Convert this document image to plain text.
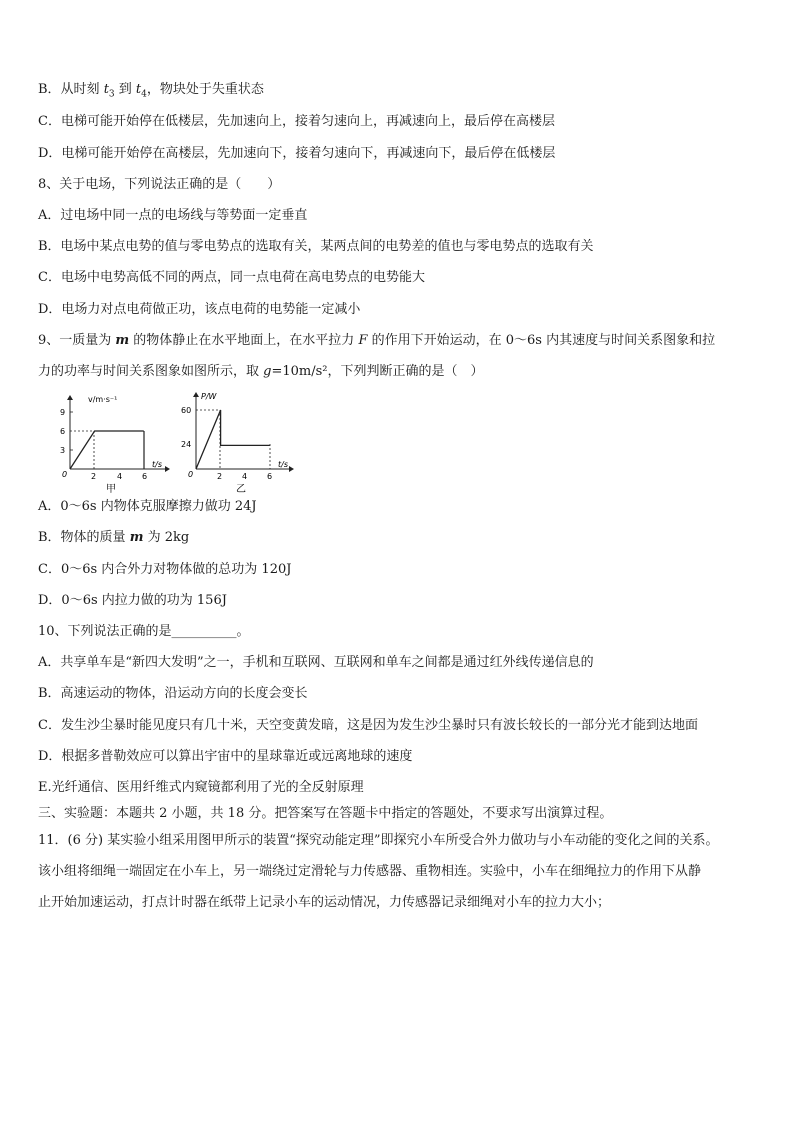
B．从时刻 $t_3$ 到 $t_4$，物块处于失重状态
C．电梯可能开始停在低楼层，先加速向上，接着匀速向上，再减速向上，最后停在高楼层
D．电梯可能开始停在高楼层，先加速向下，接着匀速向下，再减速向下，最后停在低楼层
8、关于电场，下列说法正确的是（　　）
A．过电场中同一点的电场线与等势面一定垂直
B．电场中某点电势的值与零电势点的选取有关，某两点间的电势差的值也与零电势点的选取有关
C．电场中电势高低不同的两点，同一点电荷在高电势点的电势能大
D．电场力对点电荷做正功，该点电荷的电势能一定减小
9、一质量为 m 的物体静止在水平地面上，在水平拉力 F 的作用下开始运动，在 0～6s 内其速度与时间关系图象和拉
力的功率与时间关系图象如图所示，取 g=10m/s²，下列判断正确的是（　）
v/m·s⁻¹
t/s
0
9
6
3
2	4 6
甲
P/W
t/s
0
60
24
2 4 6
乙
A．0～6s 内物体克服摩擦力做功 24J
B．物体的质量 m 为 2kg
C．0～6s 内合外力对物体做的总功为 120J
D．0～6s 内拉力做的功为 156J
10、下列说法正确的是__________。
A．共享单车是“新四大发明”之一，手机和互联网、互联网和单车之间都是通过红外线传递信息的
B．高速运动的物体，沿运动方向的长度会变长
C．发生沙尘暴时能见度只有几十米，天空变黄发暗，这是因为发生沙尘暴时只有波长较长的一部分光才能到达地面
D．根据多普勒效应可以算出宇宙中的星球靠近或远离地球的速度
E.光纤通信、医用纤维式内窥镜都利用了光的全反射原理
三、实验题：本题共 2 小题，共 18 分。把答案写在答题卡中指定的答题处，不要求写出演算过程。
11．(6 分) 某实验小组采用图甲所示的装置“探究动能定理”即探究小车所受合外力做功与小车动能的变化之间的关系。
该小组将细绳一端固定在小车上，另一端绕过定滑轮与力传感器、重物相连。实验中，小车在细绳拉力的作用下从静
止开始加速运动，打点计时器在纸带上记录小车的运动情况，力传感器记录细绳对小车的拉力大小；
